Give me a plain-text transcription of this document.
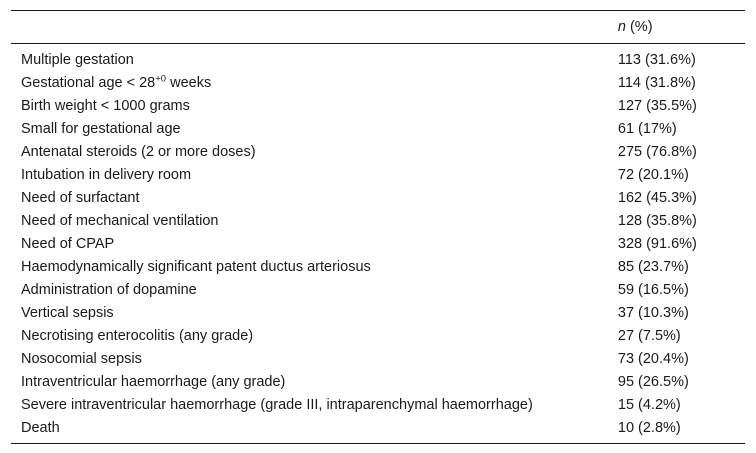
	n (%)
Multiple gestation	113 (31.6%)
Gestational age < $28^{+0}$ weeks	114 (31.8%)
Birth weight < 1000 grams	127 (35.5%)
Small for gestational age	61 (17%)
Antenatal steroids (2 or more doses)	275 (76.8%)
Intubation in delivery room	72 (20.1%)
Need of surfactant	162 (45.3%)
Need of mechanical ventilation	128 (35.8%)
Need of CPAP	328 (91.6%)
Haemodynamically significant patent ductus arteriosus	85 (23.7%)
Administration of dopamine	59 (16.5%)
Vertical sepsis	37 (10.3%)
Necrotising enterocolitis (any grade)	27 (7.5%)
Nosocomial sepsis	73 (20.4%)
Intraventricular haemorrhage (any grade)	95 (26.5%)
Severe intraventricular haemorrhage (grade III, intraparenchymal haemorrhage)	15 (4.2%)
Death	10 (2.8%)
